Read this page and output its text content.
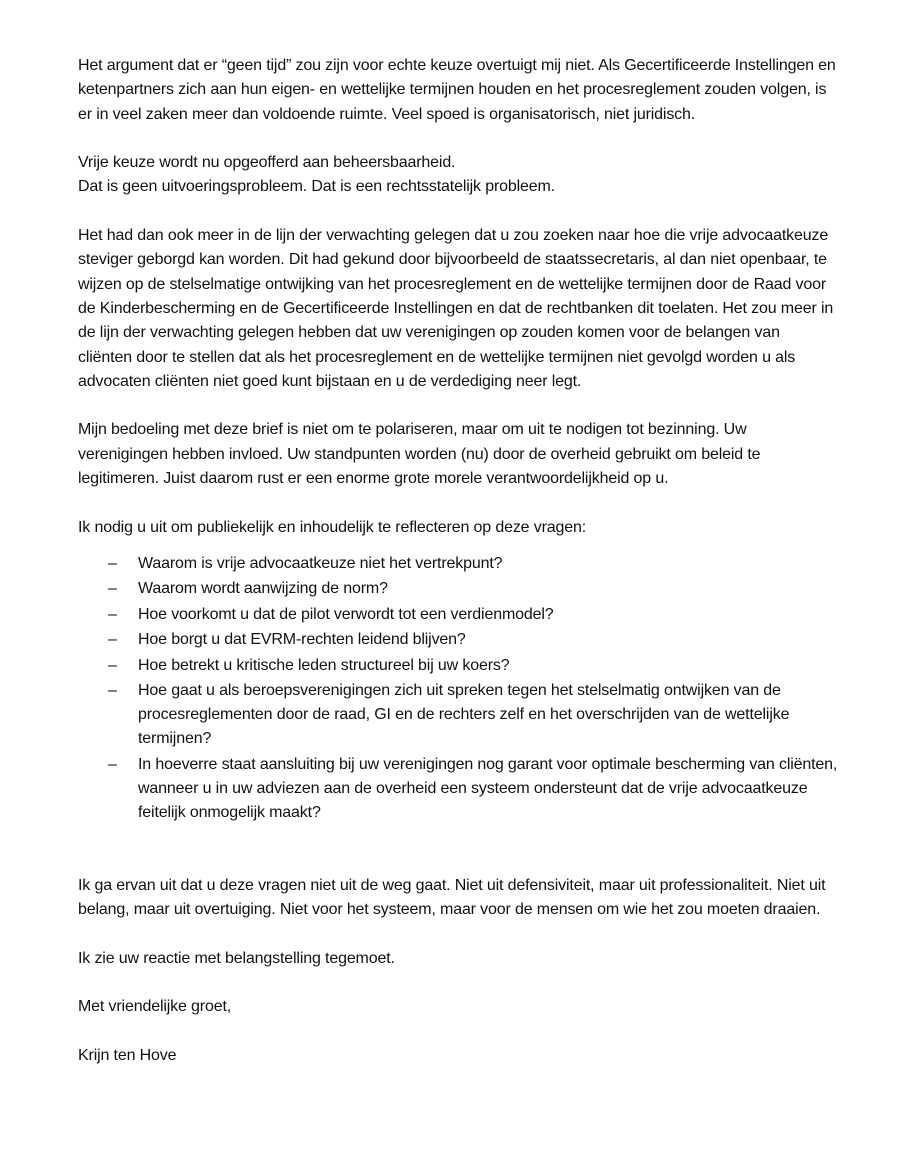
Het argument dat er “geen tijd” zou zijn voor echte keuze overtuigt mij niet. Als Gecertificeerde Instellingen en ketenpartners zich aan hun eigen- en wettelijke termijnen houden en het procesreglement zouden volgen, is er in veel zaken meer dan voldoende ruimte. Veel spoed is organisatorisch, niet juridisch.

Vrije keuze wordt nu opgeofferd aan beheersbaarheid.
Dat is geen uitvoeringsprobleem. Dat is een rechtsstatelijk probleem.

Het had dan ook meer in de lijn der verwachting gelegen dat u zou zoeken naar hoe die vrije advocaatkeuze steviger geborgd kan worden. Dit had gekund door bijvoorbeeld de staatssecretaris, al dan niet openbaar, te wijzen op de stelselmatige ontwijking van het procesreglement en de wettelijke termijnen door de Raad voor de Kinderbescherming en de Gecertificeerde Instellingen en dat de rechtbanken dit toelaten. Het zou meer in de lijn der verwachting gelegen hebben dat uw verenigingen op zouden komen voor de belangen van cliënten door te stellen dat als het procesreglement en de wettelijke termijnen niet gevolgd worden u als advocaten cliënten niet goed kunt bijstaan en u de verdediging neer legt.

Mijn bedoeling met deze brief is niet om te polariseren, maar om uit te nodigen tot bezinning. Uw verenigingen hebben invloed. Uw standpunten worden (nu) door de overheid gebruikt om beleid te legitimeren. Juist daarom rust er een enorme grote morele verantwoordelijkheid op u.

Ik nodig u uit om publiekelijk en inhoudelijk te reflecteren op deze vragen:

– Waarom is vrije advocaatkeuze niet het vertrekpunt?
– Waarom wordt aanwijzing de norm?
– Hoe voorkomt u dat de pilot verwordt tot een verdienmodel?
– Hoe borgt u dat EVRM-rechten leidend blijven?
– Hoe betrekt u kritische leden structureel bij uw koers?
– Hoe gaat u als beroepsverenigingen zich uit spreken tegen het stelselmatig ontwijken van de procesreglementen door de raad, GI en de rechters zelf en het overschrijden van de wettelijke termijnen?
– In hoeverre staat aansluiting bij uw verenigingen nog garant voor optimale bescherming van cliënten, wanneer u in uw adviezen aan de overheid een systeem ondersteunt dat de vrije advocaatkeuze feitelijk onmogelijk maakt?

Ik ga ervan uit dat u deze vragen niet uit de weg gaat. Niet uit defensiviteit, maar uit professionaliteit. Niet uit belang, maar uit overtuiging. Niet voor het systeem, maar voor de mensen om wie het zou moeten draaien.

Ik zie uw reactie met belangstelling tegemoet.

Met vriendelijke groet,

Krijn ten Hove
